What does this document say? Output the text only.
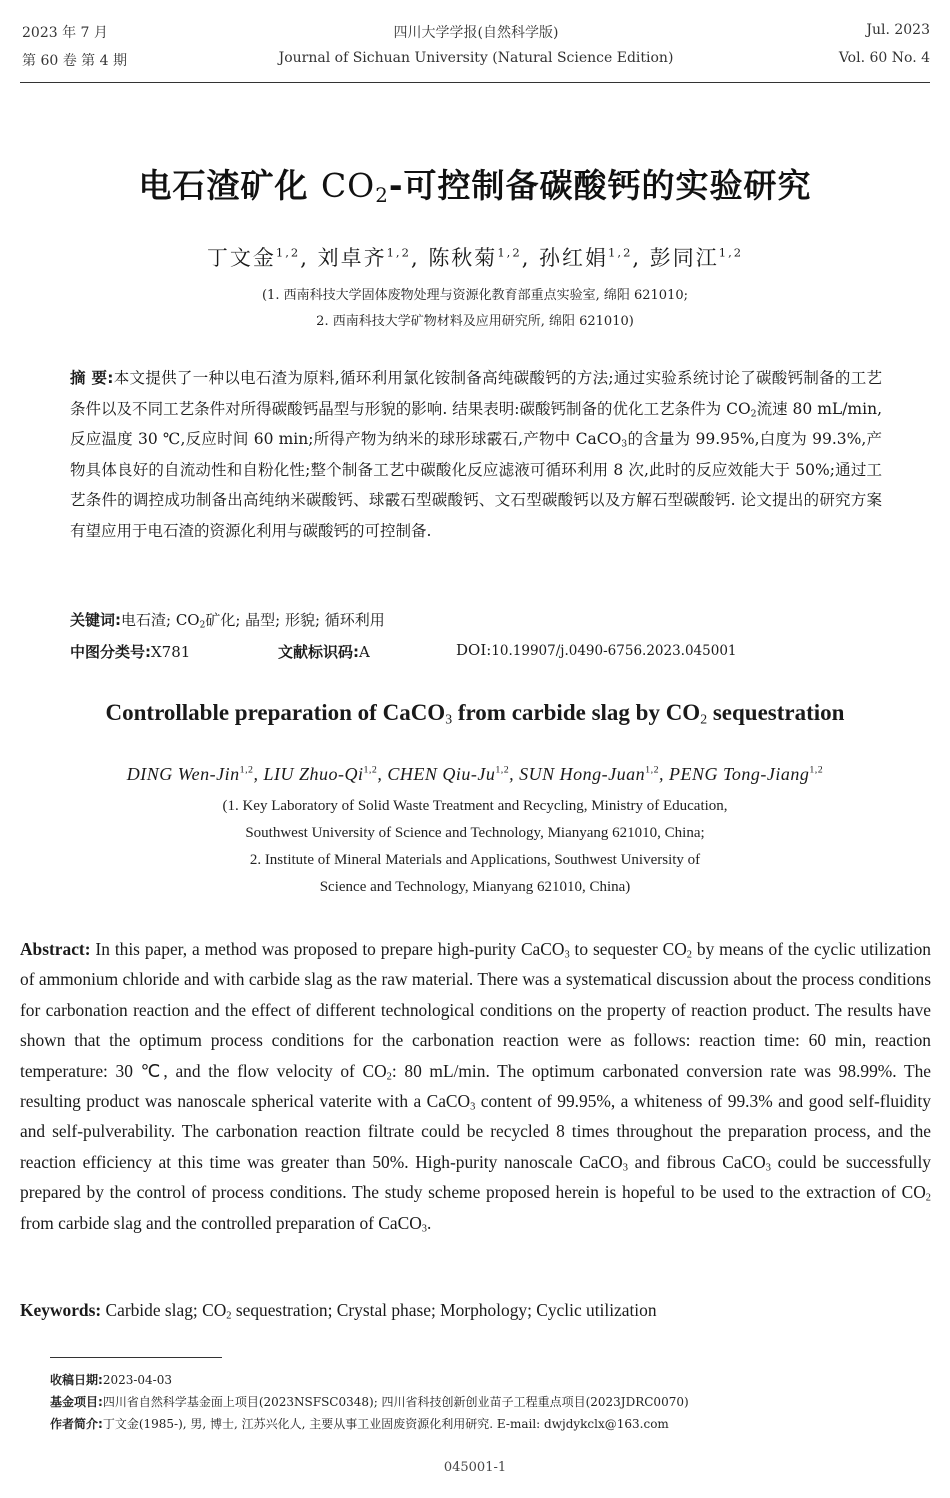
2023 年 7 月	四川大学学报(自然科学版)	Jul. 2023
第 60 卷 第 4 期	Journal of Sichuan University (Natural Science Edition)	Vol. 60 No. 4
电石渣矿化 $CO_2-$可控制备碳酸钙的实验研究
丁文金$^{1,2}$, 刘卓齐$^{1,2}$, 陈秋菊$^{1,2}$, 孙红娟$^{1,2}$, 彭同江$^{1,2}$
(1. 西南科技大学固体废物处理与资源化教育部重点实验室, 绵阳 621010;
2. 西南科技大学矿物材料及应用研究所, 绵阳 621010)
摘 要:本文提供了一种以电石渣为原料,循环利用氯化铵制备高纯碳酸钙的方法;通过实验系统讨论了碳酸钙制备的工艺条件以及不同工艺条件对所得碳酸钙晶型与形貌的影响. 结果表明:碳酸钙制备的优化工艺条件为 $CO_2$流速 80 mL/min,反应温度 30 ℃,反应时间 60 min;所得产物为纳米的球形球霰石,产物中 CaCO$_3$的含量为 99.95%,白度为 99.3%,产物具体良好的自流动性和自粉化性;整个制备工艺中碳酸化反应滤液可循环利用 8 次,此时的反应效能大于 50%;通过工艺条件的调控成功制备出高纯纳米碳酸钙、球霰石型碳酸钙、文石型碳酸钙以及方解石型碳酸钙. 论文提出的研究方案有望应用于电石渣的资源化利用与碳酸钙的可控制备.
关键词:电石渣; $CO_2$矿化; 晶型; 形貌; 循环利用
中图分类号:X781	文献标识码:A	DOI:10.19907/j.0490-6756.2023.045001
Controllable preparation of CaCO$_3$ from carbide slag by $CO_2$ sequestration
DING Wen-Jin$^{1,2}$, LIU Zhuo-Qi$^{1,2}$, CHEN Qiu-Ju$^{1,2}$, SUN Hong-Juan$^{1,2}$, PENG Tong-Jiang$^{1,2}$
(1. Key Laboratory of Solid Waste Treatment and Recycling, Ministry of Education,
Southwest University of Science and Technology, Mianyang 621010, China;
2. Institute of Mineral Materials and Applications, Southwest University of
Science and Technology, Mianyang 621010, China)
Abstract: In this paper, a method was proposed to prepare high-purity CaCO$_3$ to sequester $CO_2$ by means of the cyclic utilization of ammonium chloride and with carbide slag as the raw material. There was a systematical discussion about the process conditions for carbonation reaction and the effect of different technological conditions on the property of reaction product. The results have shown that the optimum process conditions for the carbonation reaction were as follows: reaction time: 60 min, reaction temperature: 30 ℃, and the flow velocity of $CO_2$: 80 mL/min. The optimum carbonated conversion rate was 98.99%. The resulting product was nanoscale spherical vaterite with a CaCO$_3$ content of 99.95%, a whiteness of 99.3% and good self-fluidity and self-pulverability. The carbonation reaction filtrate could be recycled 8 times throughout the preparation process, and the reaction efficiency at this time was greater than 50%. High-purity nanoscale CaCO$_3$ and fibrous CaCO$_3$ could be successfully prepared by the control of process conditions. The study scheme proposed herein is hopeful to be used to the extraction of $CO_2$ from carbide slag and the controlled preparation of CaCO$_3$.
Keywords: Carbide slag; $CO_2$ sequestration; Crystal phase; Morphology; Cyclic utilization
收稿日期:2023-04-03
基金项目:四川省自然科学基金面上项目(2023NSFSC0348); 四川省科技创新创业苗子工程重点项目(2023JDRC0070)
作者简介:丁文金(1985-), 男, 博士, 江苏兴化人, 主要从事工业固废资源化利用研究. E-mail: dwjdykclx@163.com
045001-1
